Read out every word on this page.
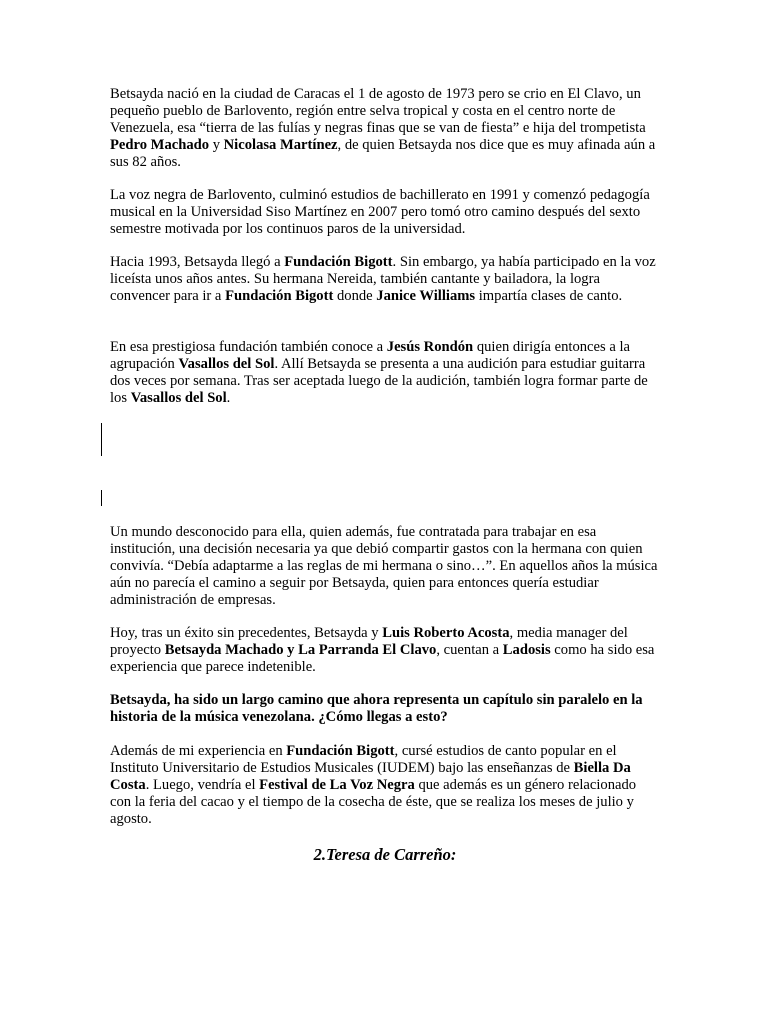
Betsayda nació en la ciudad de Caracas el 1 de agosto de 1973 pero se crio en El Clavo, un pequeño pueblo de Barlovento, región entre selva tropical y costa en el centro norte de Venezuela, esa “tierra de las fulías y negras finas que se van de fiesta” e hija del trompetista Pedro Machado y Nicolasa Martínez, de quien Betsayda nos dice que es muy afinada aún a sus 82 años.

La voz negra de Barlovento, culminó estudios de bachillerato en 1991 y comenzó pedagogía musical en la Universidad Siso Martínez en 2007 pero tomó otro camino después del sexto semestre motivada por los continuos paros de la universidad.

Hacia 1993, Betsayda llegó a Fundación Bigott. Sin embargo, ya había participado en la voz liceísta unos años antes. Su hermana Nereida, también cantante y bailadora, la logra convencer para ir a Fundación Bigott donde Janice Williams impartía clases de canto.

En esa prestigiosa fundación también conoce a Jesús Rondón quien dirigía entonces a la agrupación Vasallos del Sol. Allí Betsayda se presenta a una audición para estudiar guitarra dos veces por semana. Tras ser aceptada luego de la audición, también logra formar parte de los Vasallos del Sol.

Un mundo desconocido para ella, quien además, fue contratada para trabajar en esa institución, una decisión necesaria ya que debió compartir gastos con la hermana con quien convivía. “Debía adaptarme a las reglas de mi hermana o sino…”. En aquellos años la música aún no parecía el camino a seguir por Betsayda, quien para entonces quería estudiar administración de empresas.

Hoy, tras un éxito sin precedentes, Betsayda y Luis Roberto Acosta, media manager del proyecto Betsayda Machado y La Parranda El Clavo, cuentan a Ladosis como ha sido esa experiencia que parece indetenible.

Betsayda, ha sido un largo camino que ahora representa un capítulo sin paralelo en la historia de la música venezolana. ¿Cómo llegas a esto?

Además de mi experiencia en Fundación Bigott, cursé estudios de canto popular en el Instituto Universitario de Estudios Musicales (IUDEM) bajo las enseñanzas de Biella Da Costa. Luego, vendría el Festival de La Voz Negra que además es un género relacionado con la feria del cacao y el tiempo de la cosecha de éste, que se realiza los meses de julio y agosto.

2.Teresa de Carreño:
